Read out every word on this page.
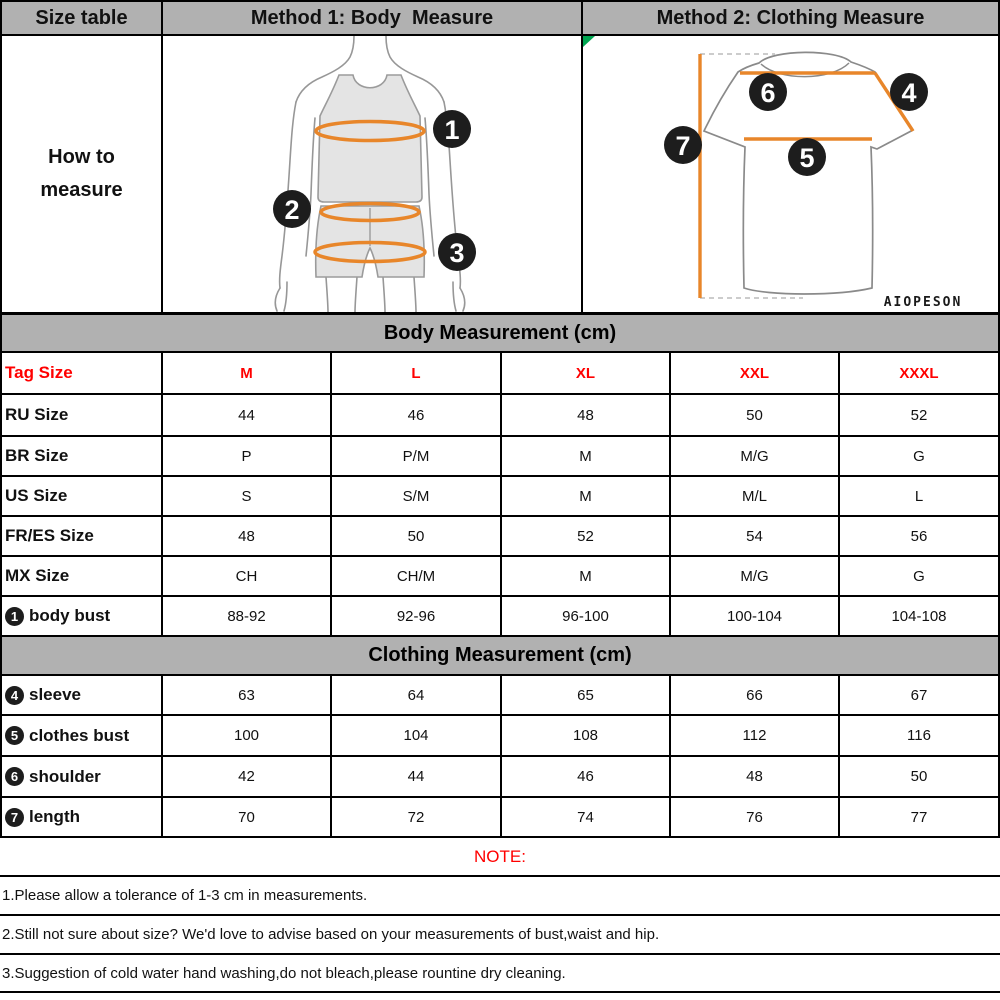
Size table	Method 1: Body  Measure	Method 2: Clothing Measure
How to
measure
1
2
3
6	4
5
7
AIOPESON
Body Measurement (cm)
Tag Size	M	L	XL	XXL	XXXL
RU Size	44	46	48	50	52
BR Size	P	P/M	M	M/G	G
US Size	S	S/M	M	M/L	L
FR/ES Size	48	50	52	54	56
MX Size	CH	CH/M	M	M/G	G
1 body bust	88-92	92-96	96-100	100-104	104-108
Clothing Measurement (cm)
4 sleeve	63	64	65	66	67
5 clothes bust	100	104	108	112	116
6 shoulder	42	44	46	48	50
7 length	70	72	74	76	77
NOTE:
1.Please allow a tolerance of 1-3 cm in measurements.
2.Still not sure about size? We'd love to advise based on your measurements of bust,waist and hip.
3.Suggestion of cold water hand washing,do not bleach,please rountine dry cleaning.
